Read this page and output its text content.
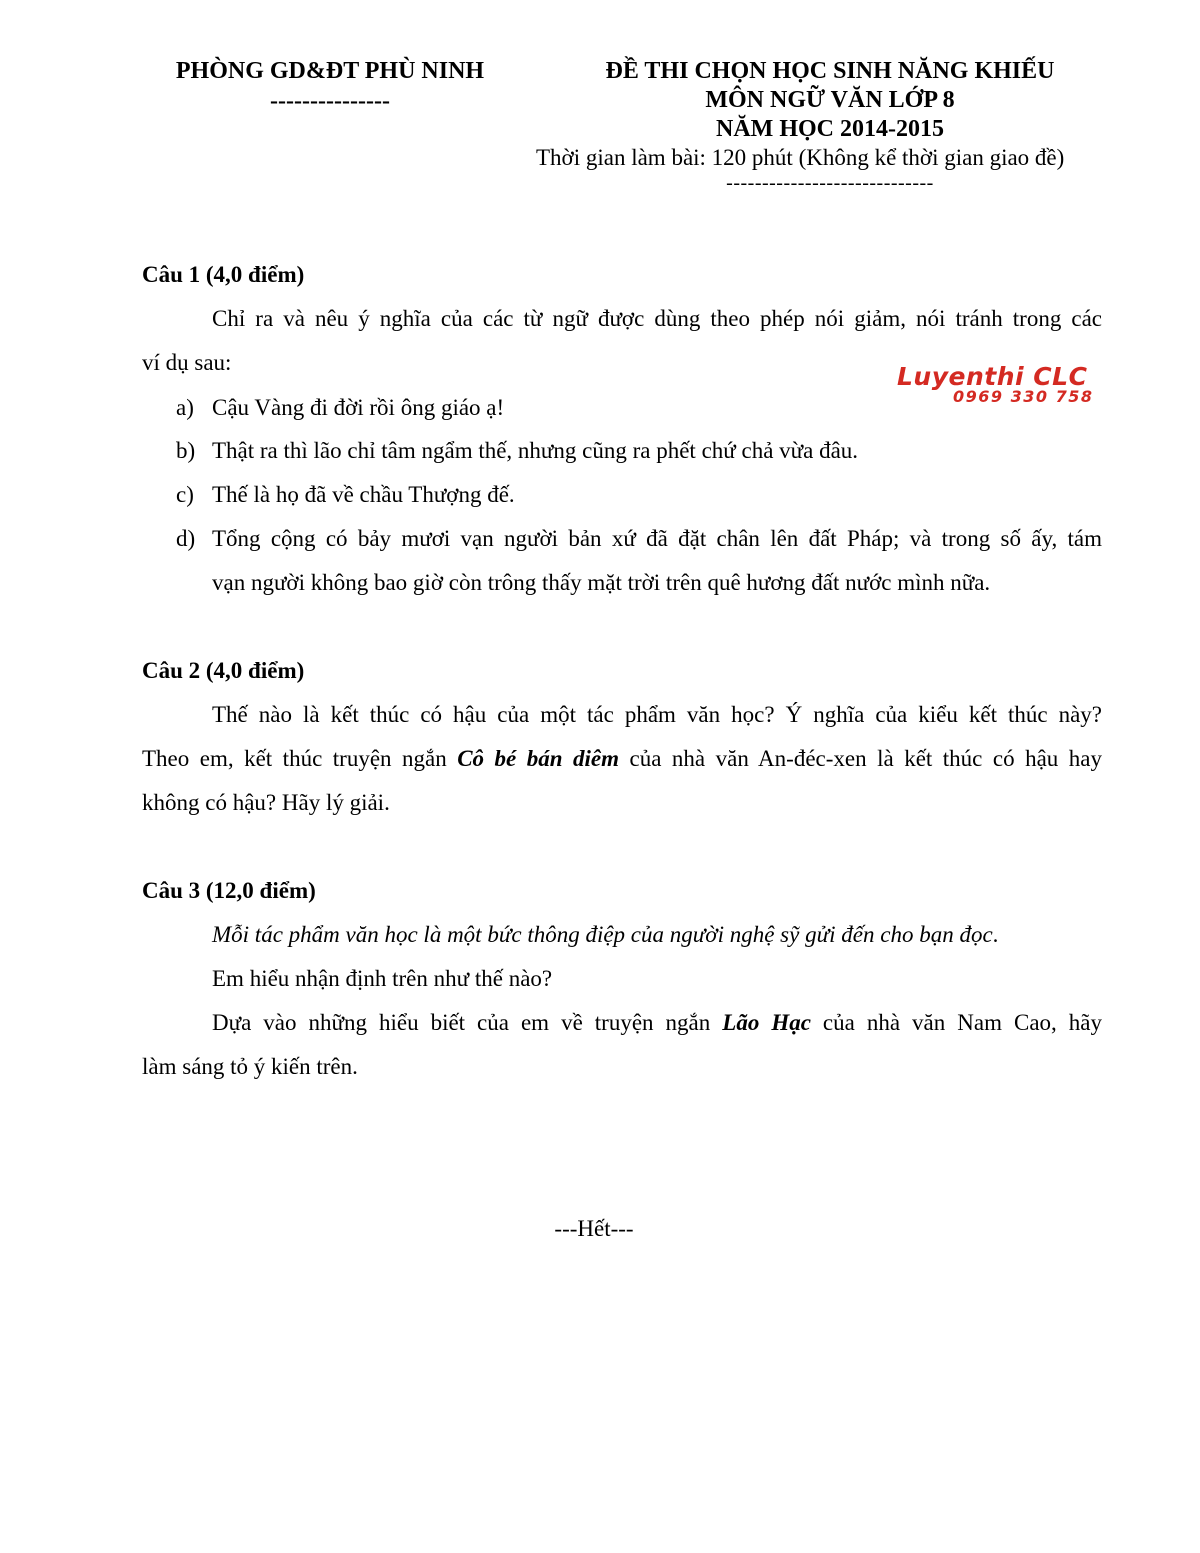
PHÒNG GD&ĐT PHÙ NINH
---------------
ĐỀ THI CHỌN HỌC SINH NĂNG KHIẾU
MÔN NGỮ VĂN LỚP 8
NĂM HỌC 2014-2015
Thời gian làm bài: 120 phút (Không kể thời gian giao đề)
-----------------------------
Luyenthi CLC
0969 330 758
Câu 1 (4,0 điểm)
Chỉ ra và nêu ý nghĩa của các từ ngữ được dùng theo phép nói giảm, nói tránh trong các
ví dụ sau:
a) Cậu Vàng đi đời rồi ông giáo ạ!
b) Thật ra thì lão chỉ tâm ngẩm thế, nhưng cũng ra phết chứ chả vừa đâu.
c) Thế là họ đã về chầu Thượng đế.
d) Tổng cộng có bảy mươi vạn người bản xứ đã đặt chân lên đất Pháp; và trong số ấy, tám
vạn người không bao giờ còn trông thấy mặt trời trên quê hương đất nước mình nữa.
Câu 2 (4,0 điểm)
Thế nào là kết thúc có hậu của một tác phẩm văn học? Ý nghĩa của kiểu kết thúc này?
Theo em, kết thúc truyện ngắn Cô bé bán diêm của nhà văn An-đéc-xen là kết thúc có hậu hay
không có hậu? Hãy lý giải.
Câu 3 (12,0 điểm)
Mỗi tác phẩm văn học là một bức thông điệp của người nghệ sỹ gửi đến cho bạn đọc.
Em hiểu nhận định trên như thế nào?
Dựa vào những hiểu biết của em về truyện ngắn Lão Hạc của nhà văn Nam Cao, hãy
làm sáng tỏ ý kiến trên.
---Hết---
